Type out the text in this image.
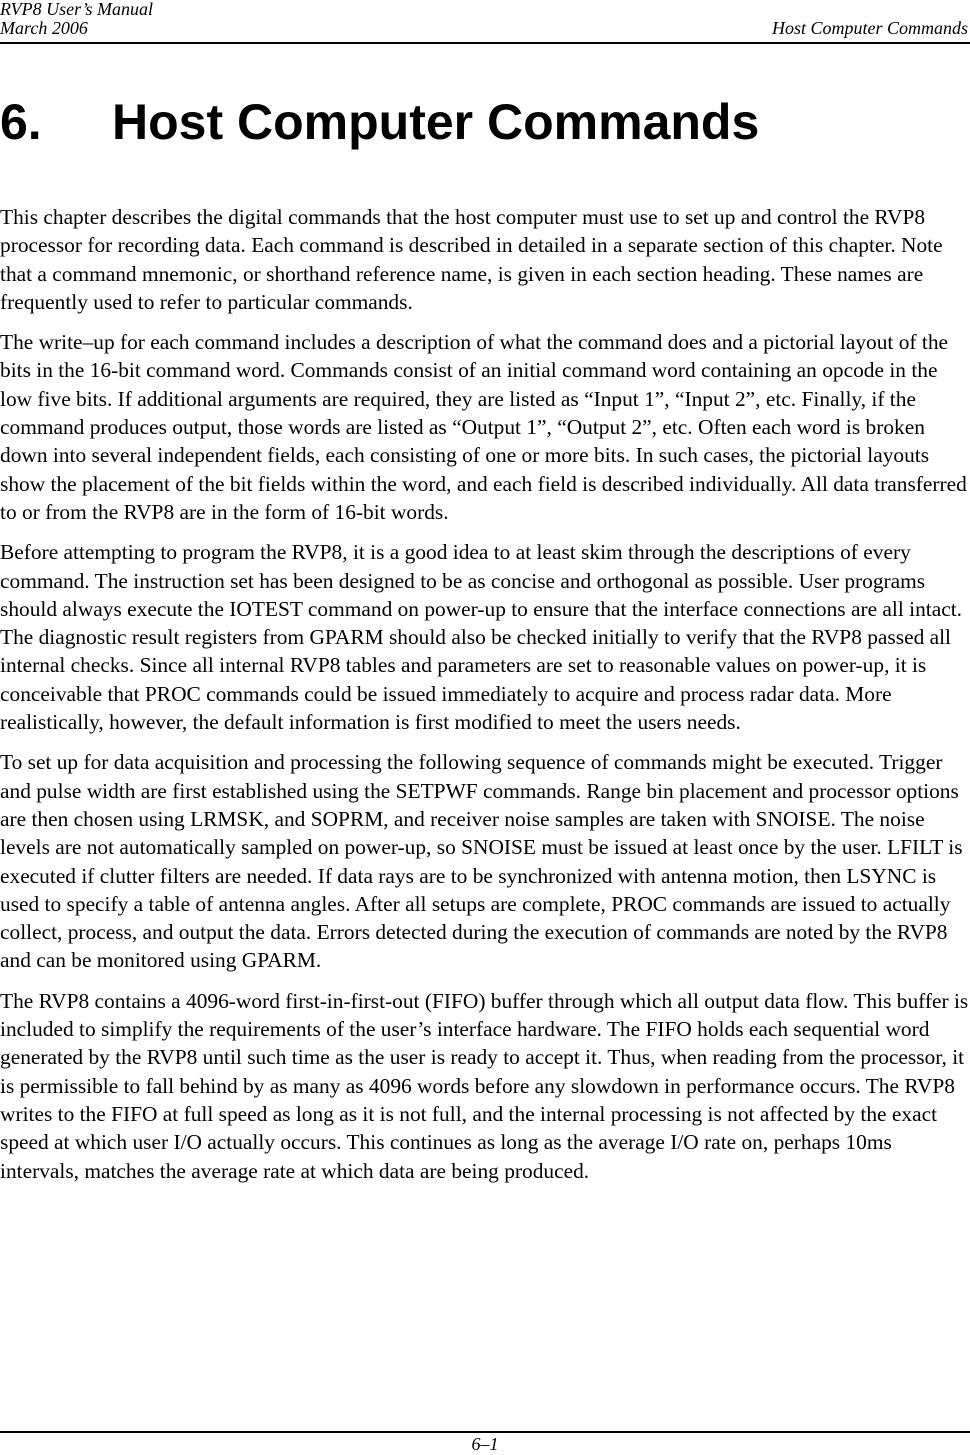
RVP8 User’s Manual
March 2006	Host Computer Commands
6. Host Computer Commands

This chapter describes the digital commands that the host computer must use to set up and control the RVP8 processor for recording data. Each command is described in detailed in a separate section of this chapter. Note that a command mnemonic, or shorthand reference name, is given in each section heading. These names are frequently used to refer to particular commands.

The write–up for each command includes a description of what the command does and a pictorial layout of the bits in the 16-bit command word. Commands consist of an initial command word containing an opcode in the low five bits. If additional arguments are required, they are listed as “Input 1”, “Input 2”, etc. Finally, if the command produces output, those words are listed as “Output 1”, “Output 2”, etc. Often each word is broken down into several independent fields, each consisting of one or more bits. In such cases, the pictorial layouts show the placement of the bit fields within the word, and each field is described individually. All data transferred to or from the RVP8 are in the form of 16-bit words.

Before attempting to program the RVP8, it is a good idea to at least skim through the descriptions of every command. The instruction set has been designed to be as concise and orthogonal as possible. User programs should always execute the IOTEST command on power-up to ensure that the interface connections are all intact. The diagnostic result registers from GPARM should also be checked initially to verify that the RVP8 passed all internal checks. Since all internal RVP8 tables and parameters are set to reasonable values on power-up, it is conceivable that PROC commands could be issued immediately to acquire and process radar data. More realistically, however, the default information is first modified to meet the users needs.

To set up for data acquisition and processing the following sequence of commands might be executed. Trigger and pulse width are first established using the SETPWF commands. Range bin placement and processor options are then chosen using LRMSK, and SOPRM, and receiver noise samples are taken with SNOISE. The noise levels are not automatically sampled on power-up, so SNOISE must be issued at least once by the user. LFILT is executed if clutter filters are needed. If data rays are to be synchronized with antenna motion, then LSYNC is used to specify a table of antenna angles. After all setups are complete, PROC commands are issued to actually collect, process, and output the data. Errors detected during the execution of commands are noted by the RVP8 and can be monitored using GPARM.

The RVP8 contains a 4096-word first-in-first-out (FIFO) buffer through which all output data flow. This buffer is included to simplify the requirements of the user’s interface hardware. The FIFO holds each sequential word generated by the RVP8 until such time as the user is ready to accept it. Thus, when reading from the processor, it is permissible to fall behind by as many as 4096 words before any slowdown in performance occurs. The RVP8 writes to the FIFO at full speed as long as it is not full, and the internal processing is not affected by the exact speed at which user I/O actually occurs. This continues as long as the average I/O rate on, perhaps 10ms intervals, matches the average rate at which data are being produced.

6–1
